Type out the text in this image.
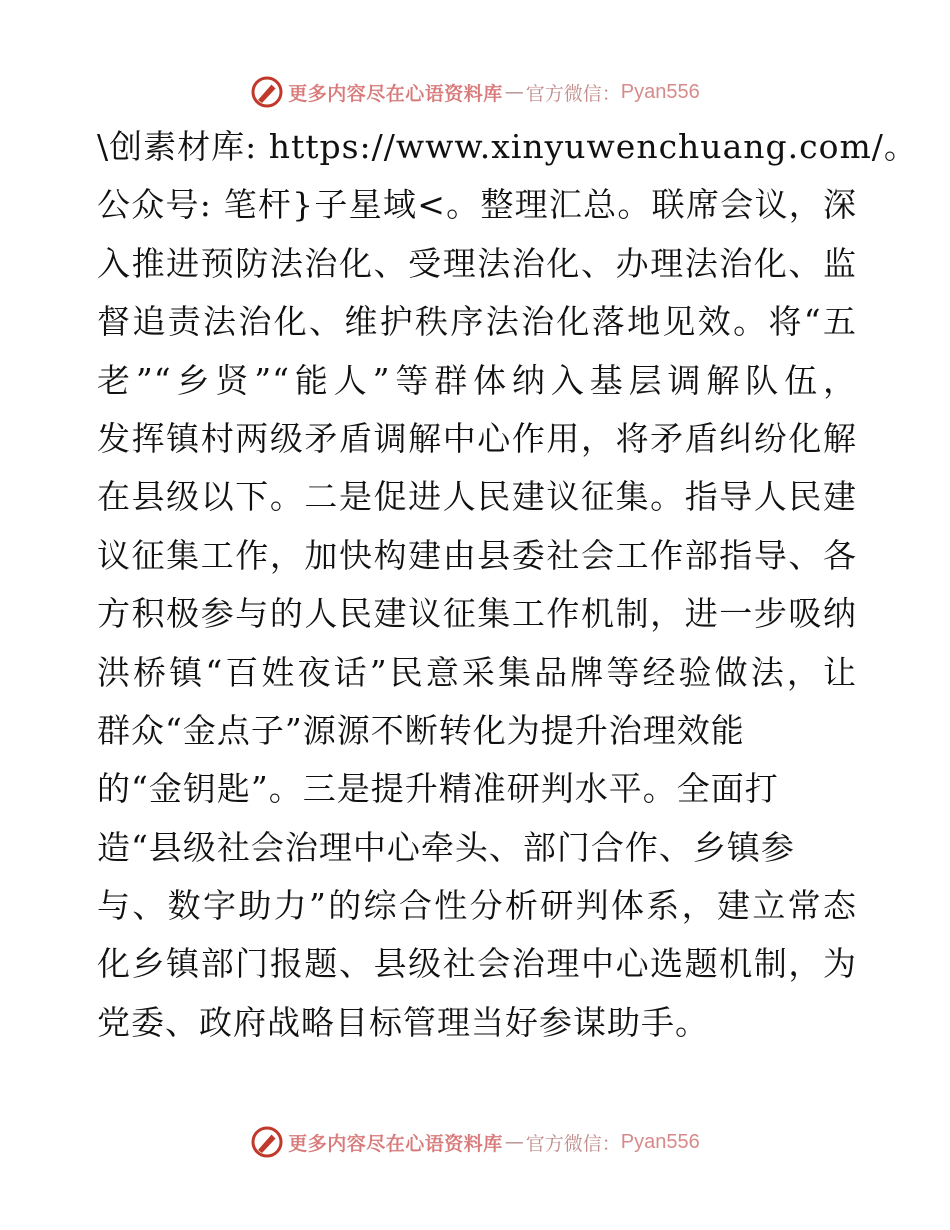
更多内容尽在心语资料库 — 官方微信： Pyan556
\创素材库: https://www.xinyuwenchuang.com/。
公众号: 笔杆}子星域<。整理汇总。联席会议，深
入推进预防法治化、受理法治化、办理法治化、监
督追责法治化、维护秩序法治化落地见效。将“五
老”“乡贤”“能人”等群体纳入基层调解队伍，
发挥镇村两级矛盾调解中心作用，将矛盾纠纷化解
在县级以下。二是促进人民建议征集。指导人民建
议征集工作，加快构建由县委社会工作部指导、各
方积极参与的人民建议征集工作机制，进一步吸纳
洪桥镇“百姓夜话”民意采集品牌等经验做法，让
群众“金点子”源源不断转化为提升治理效能
的“金钥匙”。三是提升精准研判水平。全面打
造“县级社会治理中心牵头、部门合作、乡镇参
与、数字助力”的综合性分析研判体系，建立常态
化乡镇部门报题、县级社会治理中心选题机制，为
党委、政府战略目标管理当好参谋助手。
更多内容尽在心语资料库 — 官方微信： Pyan556
